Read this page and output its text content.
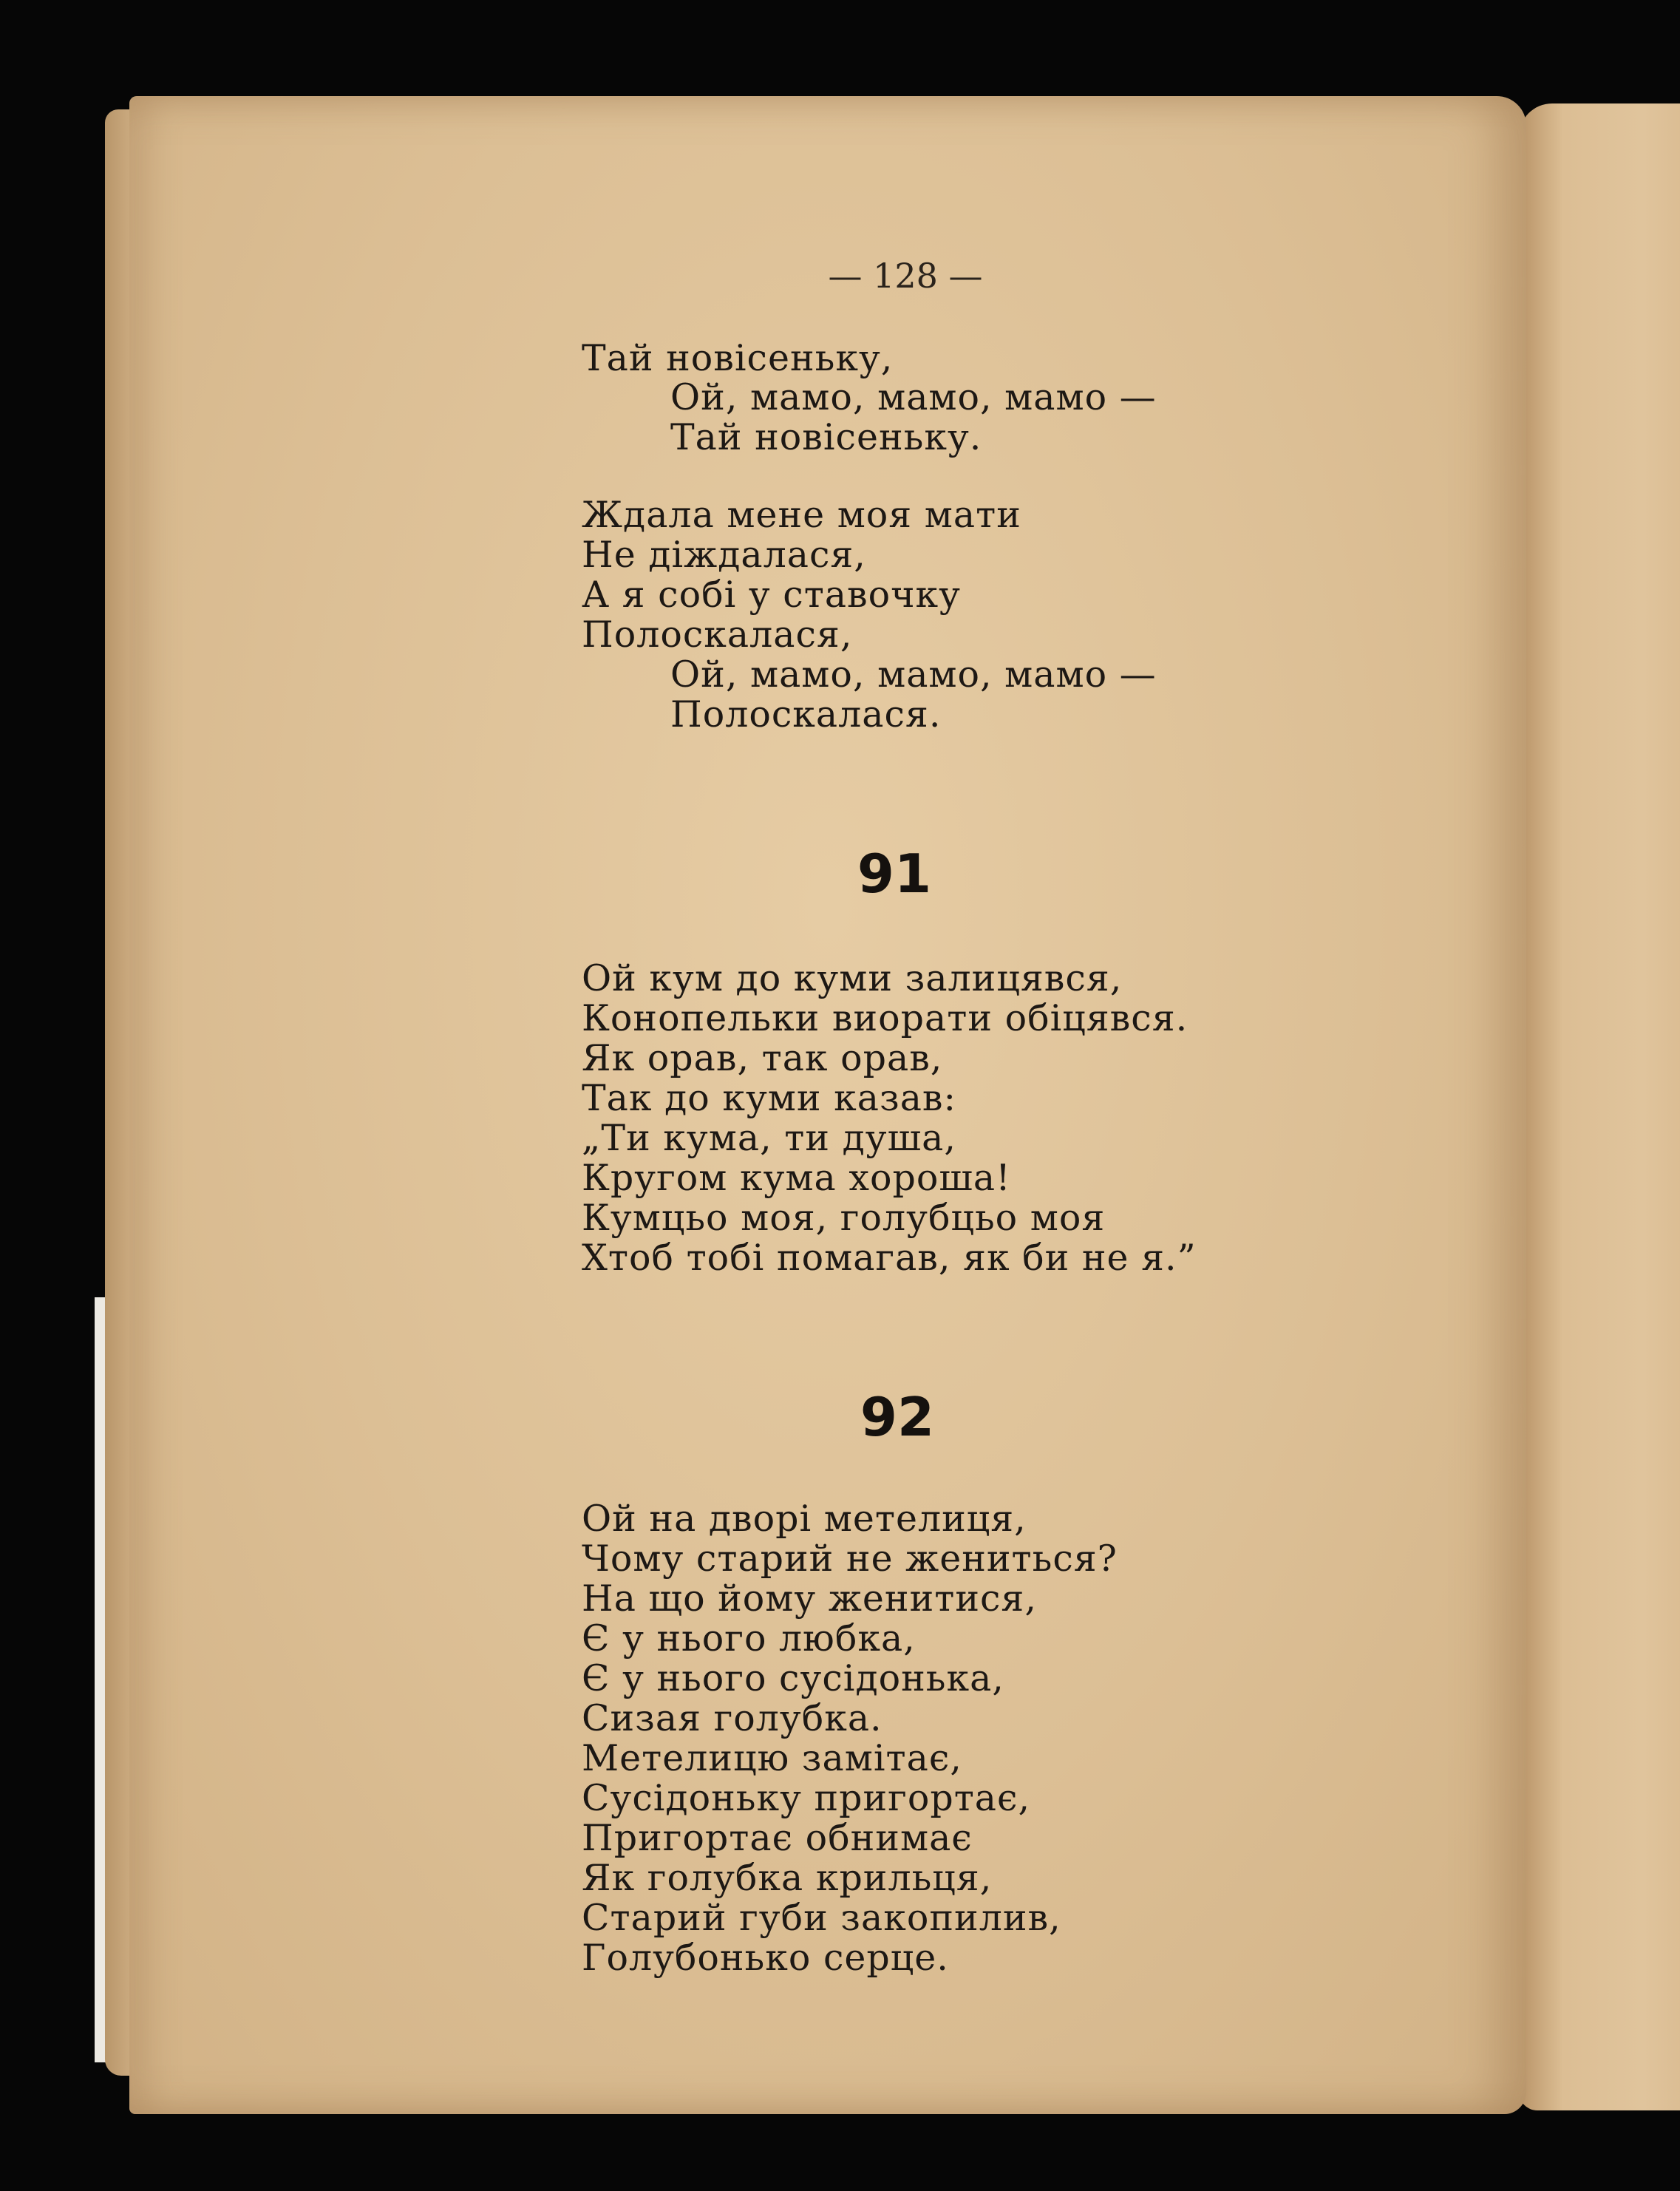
— 128 —
Тай новісеньку,
Ой, мамо, мамо, мамо —
Тай новісеньку.
Ждала мене моя мати
Не діждалася,
А я собі у ставочку
Полоскалася,
Ой, мамо, мамо, мамо —
Полоскалася.
91
Ой кум до куми залицявся,
Конопельки виорати обіцявся.
Як орав, так орав,
Так до куми казав:
„Ти кума, ти душа,
Кругом кума хороша!
Кумцьо моя, голубцьо моя
Хтоб тобі помагав, як би не я.”
92
Ой на дворі метелиця,
Чому старий не жениться?
На що йому женитися,
Є у нього любка,
Є у нього сусідонька,
Сизая голубка.
Метелицю замітає,
Сусідоньку пригортає,
Пригортає обнимає
Як голубка крильця,
Старий губи закопилив,
Голубонько серце.
